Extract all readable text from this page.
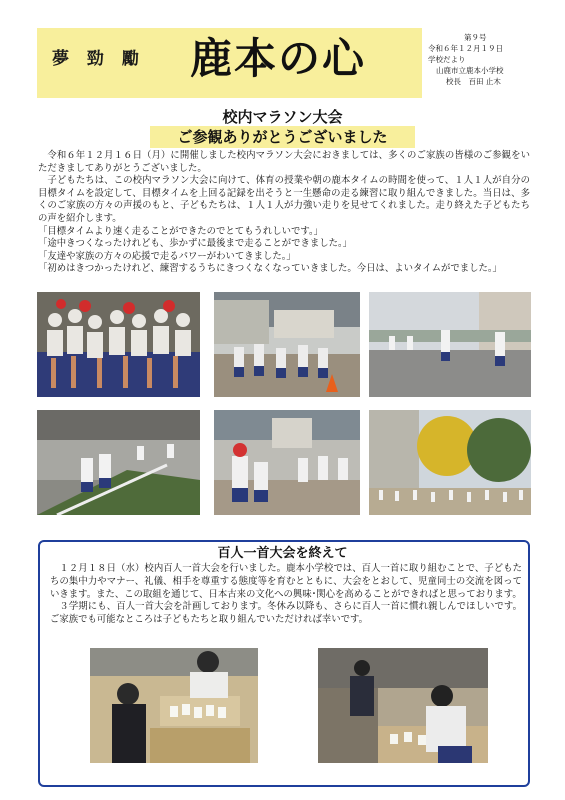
夢 勁 勵 鹿本の心	第９号
令和６年１２月１９日
学校だより
山鹿市立鹿本小学校
校長　百田 止木
校内マラソン大会
ご参観ありがとうございました

令和６年１２月１６日（月）に開催しました校内マラソン大会におきましては、多くのご家族の皆様のご参観をいただきましてありがとうございました。

子どもたちは、この校内マラソン大会に向けて、体育の授業や朝の鹿本タイムの時間を使って、１人１人が自分の目標タイムを設定して、目標タイムを上回る記録を出そうと一生懸命の走る練習に取り組んできました。当日は、多くのご家族の方々の声援のもと、子どもたちは、１人１人が力強い走りを見せてくれました。走り終えた子どもたちの声を紹介します。

「目標タイムより速く走ることができたのでとてもうれしいです。」

「途中きつくなったけれども、歩かずに最後まで走ることができました。」

「友達や家族の方々の応援で走るパワーがわいてきました。」

「初めはきつかったけれど、練習するうちにきつくなくなっていきました。今日は、よいタイムがでました。」

百人一首大会を終えて

１２月１８日（水）校内百人一首大会を行いました。鹿本小学校では、百人一首に取り組むことで、子どもたちの集中力やマナー、礼儀、相手を尊重する態度等を育むとともに、大会をとおして、児童同士の交流を図っていきます。また、この取組を通じて、日本古来の文化への興味･関心を高めることができればと思っております。

３学期にも、百人一首大会を計画しております。冬休み以降も、さらに百人一首に慣れ親しんでほしいです。ご家族でも可能なところは子どもたちと取り組んでいただければ幸いです。
